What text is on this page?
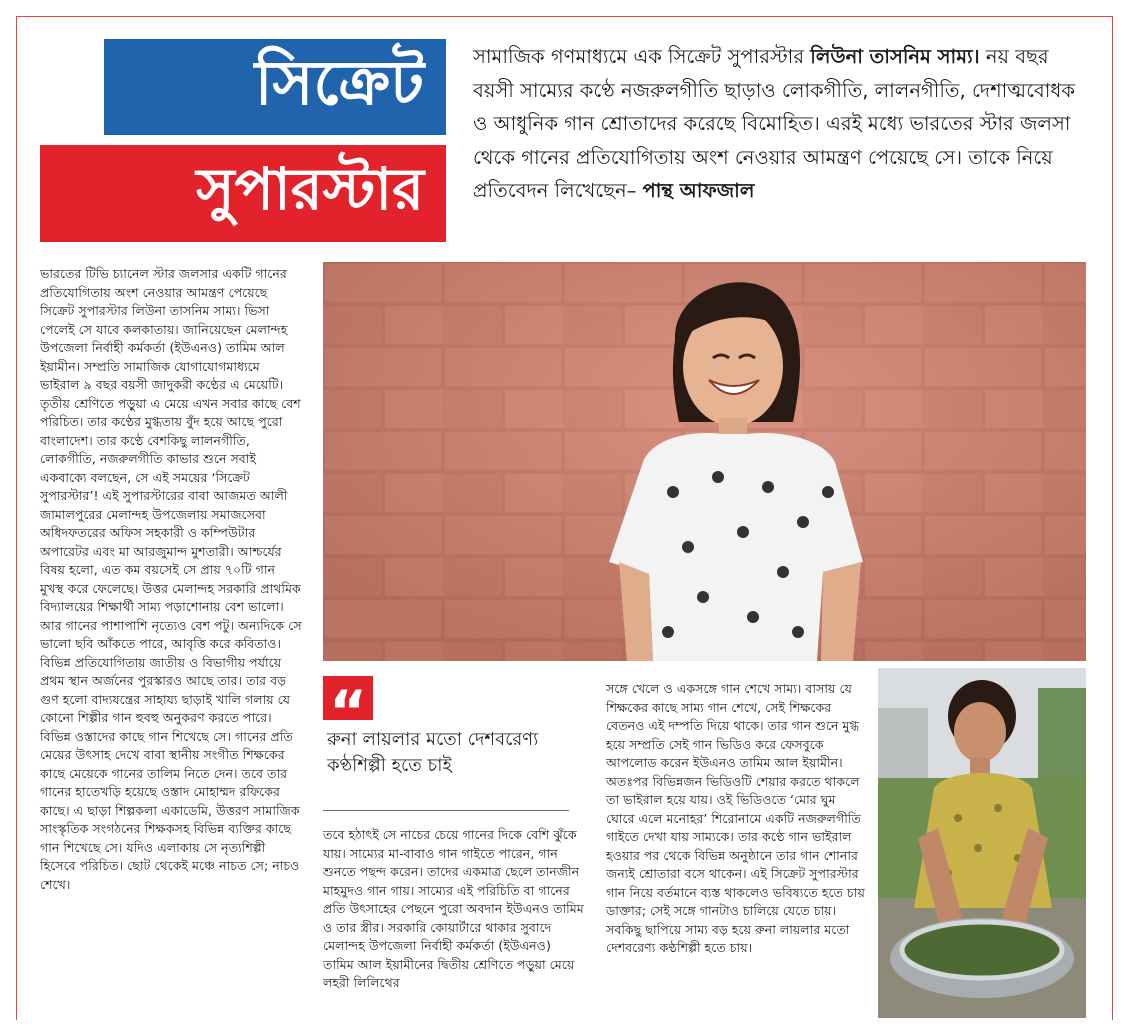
সিক্রেট
সুপারস্টার

সামাজিক গণমাধ্যমে এক সিক্রেট সুপারস্টার লিউনা তাসনিম সাম্য। নয় বছর বয়সী সাম্যের কণ্ঠে নজরুলগীতি ছাড়াও লোকগীতি, লালনগীতি, দেশাত্মবোধক ও আধুনিক গান শ্রোতাদের করেছে বিমোহিত। এরই মধ্যে ভারতের স্টার জলসা থেকে গানের প্রতিযোগিতায় অংশ নেওয়ার আমন্ত্রণ পেয়েছে সে। তাকে নিয়ে প্রতিবেদন লিখেছেন– পান্থ আফজাল

ভারতের টিভি চ্যানেল স্টার জলসার একটি গানের প্রতিযোগিতায় অংশ নেওয়ার আমন্ত্রণ পেয়েছে সিক্রেট সুপারস্টার লিউনা তাসনিম সাম্য। ভিসা পেলেই সে যাবে কলকাতায়। জানিয়েছেন মেলান্দহ উপজেলা নির্বাহী কর্মকর্তা (ইউএনও) তামিম আল ইয়ামীন। সম্প্রতি সামাজিক যোগাযোগমাধ্যমে ভাইরাল ৯ বছর বয়সী জাদুকরী কণ্ঠের এ মেয়েটি। তৃতীয় শ্রেণিতে পড়ুয়া এ মেয়ে এখন সবার কাছে বেশ পরিচিত। তার কণ্ঠের মুগ্ধতায় বুঁদ হয়ে আছে পুরো বাংলাদেশ। তার কণ্ঠে বেশকিছু লালনগীতি, লোকগীতি, নজরুলগীতি কাভার শুনে সবাই একবাক্যে বলছেন, সে এই সময়ের ‘সিক্রেট সুপারস্টার’! এই সুপারস্টারের বাবা আজমত আলী জামালপুরের মেলান্দহ উপজেলায় সমাজসেবা অধিদফতরের অফিস সহকারী ও কম্পিউটার অপারেটর এবং মা আরজুমান্দ মুশতারী। আশ্চর্যের বিষয় হলো, এত কম বয়সেই সে প্রায় ৭০টি গান মুখস্থ করে ফেলেছে। উত্তর মেলান্দহ সরকারি প্রাথমিক বিদ্যালয়ের শিক্ষার্থী সাম্য পড়াশোনায় বেশ ভালো। আর গানের পাশাপাশি নৃত্যেও বেশ পটু। অন্যদিকে সে ভালো ছবি আঁকতে পারে, আবৃত্তি করে কবিতাও। বিভিন্ন প্রতিযোগিতায় জাতীয় ও বিভাগীয় পর্যায়ে প্রথম স্থান অর্জনের পুরস্কারও আছে তার। তার বড় গুণ হলো বাদ্যযন্ত্রের সাহায্য ছাড়াই খালি গলায় যে কোনো শিল্পীর গান হুবহু অনুকরণ করতে পারে। বিভিন্ন ওস্তাদের কাছে গান শিখেছে সে। গানের প্রতি মেয়ের উৎসাহ দেখে বাবা স্থানীয় সংগীত শিক্ষকের কাছে মেয়েকে গানের তালিম নিতে দেন। তবে তার গানের হাতেখড়ি হয়েছে ওস্তাদ মোহাম্মদ রফিকের কাছে। এ ছাড়া শিল্পকলা একাডেমি, উত্তরণ সামাজিক সাংস্কৃতিক সংগঠনের শিক্ষকসহ বিভিন্ন ব্যক্তির কাছে গান শিখেছে সে। যদিও এলাকায় সে নৃত্যশিল্পী হিসেবে পরিচিত। ছোট থেকেই মঞ্চে নাচত সে; নাচও শেখে।

“

রুনা লায়লার মতো দেশবরেণ্য কণ্ঠশিল্পী হতে চাই

তবে হঠাৎই সে নাচের চেয়ে গানের দিকে বেশি ঝুঁকে যায়। সাম্যের মা-বাবাও গান গাইতে পারেন, গান শুনতে পছন্দ করেন। তাদের একমাত্র ছেলে তানজীন মাহমুদও গান গায়। সাম্যের এই পরিচিতি বা গানের প্রতি উৎসাহের পেছনে পুরো অবদান ইউএনও তামিম ও তার স্ত্রীর। সরকারি কোয়ার্টারে থাকার সুবাদে মেলান্দহ উপজেলা নির্বাহী কর্মকর্তা (ইউএনও) তামিম আল ইয়ামীনের দ্বিতীয় শ্রেণিতে পড়ুয়া মেয়ে লহরী লিলিথের

সঙ্গে খেলে ও একসঙ্গে গান শেখে সাম্য। বাসায় যে শিক্ষকের কাছে সাম্য গান শেখে, সেই শিক্ষকের বেতনও এই দম্পতি দিয়ে থাকে। তার গান শুনে মুগ্ধ হয়ে সম্প্রতি সেই গান ভিডিও করে ফেসবুকে আপলোড করেন ইউএনও তামিম আল ইয়ামীন। অতঃপর বিভিন্নজন ভিডিওটি শেয়ার করতে থাকলে তা ভাইরাল হয়ে যায়। ওই ভিডিওতে ‘মোর ঘুম ঘোরে এলে মনোহর’ শিরোনামে একটি নজরুলগীতি গাইতে দেখা যায় সাম্যকে। তার কণ্ঠে গান ভাইরাল হওয়ার পর থেকে বিভিন্ন অনুষ্ঠানে তার গান শোনার জন্যই শ্রোতারা বসে থাকেন। এই সিক্রেট সুপারস্টার গান নিয়ে বর্তমানে ব্যস্ত থাকলেও ভবিষ্যতে হতে চায় ডাক্তার; সেই সঙ্গে গানটাও চালিয়ে যেতে চায়। সবকিছু ছাপিয়ে সাম্য বড় হয়ে রুনা লায়লার মতো দেশবরেণ্য কণ্ঠশিল্পী হতে চায়।
